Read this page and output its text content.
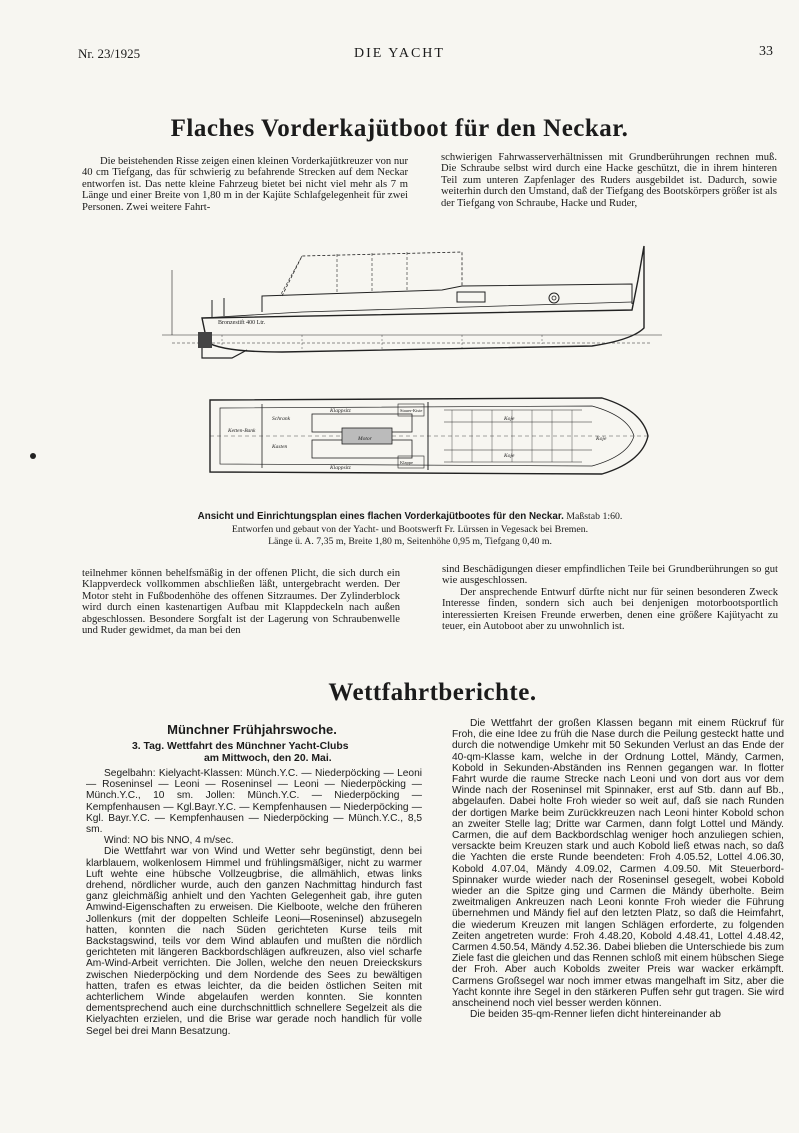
Nr. 23/1925	DIE YACHT	33
Flaches Vorderkajütboot für den Neckar.

Die beistehenden Risse zeigen einen kleinen Vorderkajütkreuzer von nur 40 cm Tiefgang, das für schwierig zu befahrende Strecken auf dem Neckar entworfen ist. Das nette kleine Fahrzeug bietet bei nicht viel mehr als 7 m Länge und einer Breite von 1,80 m in der Kajüte Schlafgelegenheit für zwei Personen. Zwei weitere Fahrt-

schwierigen Fahrwasserverhältnissen mit Grundberührungen rechnen muß. Die Schraube selbst wird durch eine Hacke geschützt, die in ihrem hinteren Teil zum unteren Zapfenlager des Ruders ausgebildet ist. Dadurch, sowie weiterhin durch den Umstand, daß der Tiefgang des Bootskörpers größer ist als der Tiefgang von Schraube, Hacke und Ruder,

Bronzestift 400 Ltr.
Klappsitz
Motor
Koje
Klappsitz
Ketten-Bank
Kasten
Stauer-Kiste
Klappe
Schrank
Koje
Koje
Ansicht und Einrichtungsplan eines flachen Vorderkajütbootes für den Neckar. Maßstab 1:60.
Entworfen und gebaut von der Yacht- und Bootswerft Fr. Lürssen in Vegesack bei Bremen.
Länge ü. A. 7,35 m, Breite 1,80 m, Seitenhöhe 0,95 m, Tiefgang 0,40 m.

teilnehmer können behelfsmäßig in der offenen Plicht, die sich durch ein Klappverdeck vollkommen abschließen läßt, untergebracht werden. Der Motor steht in Fußbodenhöhe des offenen Sitzraumes. Der Zylinderblock wird durch einen kastenartigen Aufbau mit Klappdeckeln nach außen abgeschlossen. Besondere Sorgfalt ist der Lagerung von Schraubenwelle und Ruder gewidmet, da man bei den

sind Beschädigungen dieser empfindlichen Teile bei Grundberührungen so gut wie ausgeschlossen.

Der ansprechende Entwurf dürfte nicht nur für seinen besonderen Zweck Interesse finden, sondern sich auch bei denjenigen motorbootsportlich interessierten Kreisen Freunde erwerben, denen eine größere Kajütyacht zu teuer, ein Autoboot aber zu unwohnlich ist.

Wettfahrtberichte.
Münchner Frühjahrswoche.
3. Tag. Wettfahrt des Münchner Yacht-Clubs
am Mittwoch, den 20. Mai.

Segelbahn: Kielyacht-Klassen: Münch.Y.C. — Niederpöcking — Leoni — Roseninsel — Leoni — Roseninsel — Leoni — Niederpöcking — Münch.Y.C., 10 sm. Jollen: Münch.Y.C. — Niederpöcking — Kempfenhausen — Kgl.Bayr.Y.C. — Kempfenhausen — Niederpöcking — Kgl. Bayr.Y.C. — Kempfenhausen — Niederpöcking — Münch.Y.C., 8,5 sm.

Wind: NO bis NNO, 4 m/sec.

Die Wettfahrt war von Wind und Wetter sehr begünstigt, denn bei klarblauem, wolkenlosem Himmel und frühlingsmäßiger, nicht zu warmer Luft wehte eine hübsche Vollzeugbrise, die allmählich, etwas links drehend, nördlicher wurde, auch den ganzen Nachmittag hindurch fast ganz gleichmäßig anhielt und den Yachten Gelegenheit gab, ihre guten Amwind-Eigenschaften zu erweisen. Die Kielboote, welche den früheren Jollenkurs (mit der doppelten Schleife Leoni—Roseninsel) abzusegeln hatten, konnten die nach Süden gerichteten Kurse teils mit Backstagswind, teils vor dem Wind ablaufen und mußten die nördlich gerichteten mit längeren Backbordschlägen aufkreuzen, also viel scharfe Am-Wind-Arbeit verrichten. Die Jollen, welche den neuen Dreieckskurs zwischen Niederpöcking und dem Nordende des Sees zu bewältigen hatten, trafen es etwas leichter, da die beiden östlichen Seiten mit achterlichem Winde abgelaufen werden konnten. Sie konnten dementsprechend auch eine durchschnittlich schnellere Segelzeit als die Kielyachten erzielen, und die Brise war gerade noch handlich für volle Segel bei drei Mann Besatzung.

Die Wettfahrt der großen Klassen begann mit einem Rückruf für Froh, die eine Idee zu früh die Nase durch die Peilung gesteckt hatte und durch die notwendige Umkehr mit 50 Sekunden Verlust an das Ende der 40-qm-Klasse kam, welche in der Ordnung Lottel, Mändy, Carmen, Kobold in Sekunden-Abständen ins Rennen gegangen war. In flotter Fahrt wurde die raume Strecke nach Leoni und von dort aus vor dem Winde nach der Roseninsel mit Spinnaker, erst auf Stb. dann auf Bb., abgelaufen. Dabei holte Froh wieder so weit auf, daß sie nach Runden der dortigen Marke beim Zurückkreuzen nach Leoni hinter Kobold schon an zweiter Stelle lag; Dritte war Carmen, dann folgt Lottel und Mändy. Carmen, die auf dem Backbordschlag weniger hoch anzuliegen schien, versackte beim Kreuzen stark und auch Kobold ließ etwas nach, so daß die Yachten die erste Runde beendeten: Froh 4.05.52, Lottel 4.06.30, Kobold 4.07.04, Mändy 4.09.02, Carmen 4.09.50. Mit Steuerbord-Spinnaker wurde wieder nach der Roseninsel gesegelt, wobei Kobold wieder an die Spitze ging und Carmen die Mändy überholte. Beim zweitmaligen Ankreuzen nach Leoni konnte Froh wieder die Führung übernehmen und Mändy fiel auf den letzten Platz, so daß die Heimfahrt, die wiederum Kreuzen mit langen Schlägen erforderte, zu folgenden Zeiten angetreten wurde: Froh 4.48.20, Kobold 4.48.41, Lottel 4.48.42, Carmen 4.50.54, Mändy 4.52.36. Dabei blieben die Unterschiede bis zum Ziele fast die gleichen und das Rennen schloß mit einem hübschen Siege der Froh. Aber auch Kobolds zweiter Preis war wacker erkämpft. Carmens Großsegel war noch immer etwas mangelhaft im Sitz, aber die Yacht konnte ihre Segel in den stärkeren Puffen sehr gut tragen. Sie wird anscheinend noch viel besser werden können.

Die beiden 35-qm-Renner liefen dicht hintereinander ab
